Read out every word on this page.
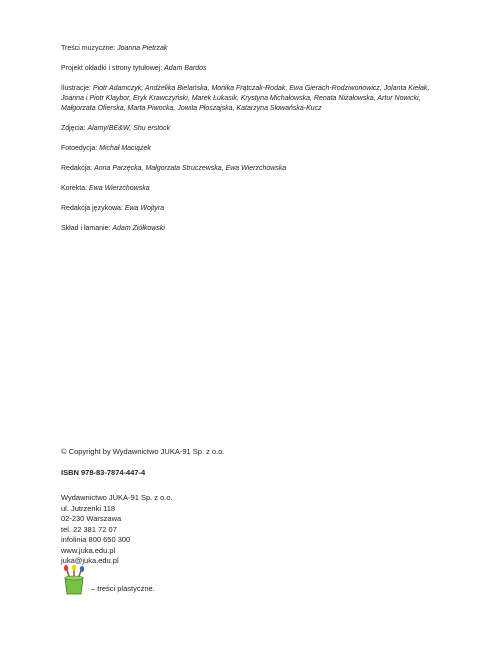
Treści muzyczne: Joanna Pietrzak

Projekt okładki i strony tytułowej: Adam Bardos

Ilustracje: Piotr Adamczyk, Andżelika Bielańska, Monika Frątczak-Rodak, Ewa Gierach-Rodziwonowicz, Jolanta Kiełak, Joanna i Piotr Klaybor, Eryk Krawczyński, Marek Łukasik, Krystyna Michałowska, Renata Niżałowska, Artur Nowicki, Małgorzata Ofierska, Marta Piwocka, Jowita Płoszajska, Katarzyna Słowańska-Kucz

Zdjęcia: Alamy/BE&W, Shu erstock

Fotoedycja: Michał Maciążek

Redakcja: Anna Parzęcka, Małgorzata Struczewska, Ewa Wierzchowska

Korekta: Ewa Wierzchowska

Redakcja językowa: Ewa Wojtyra

Skład i łamanie: Adam Ziółkowski

© Copyright by Wydawnictwo JUKA-91 Sp. z o.o.

ISBN 978-83-7874-447-4

Wydawnictwo JUKA-91 Sp. z o.o.
ul. Jutrzenki 118
02-230 Warszawa
tel. 22 381 72 07
infolinia 800 650 300
www.juka.edu.pl
juka@juka.edu.pl
– treści plastyczne.
